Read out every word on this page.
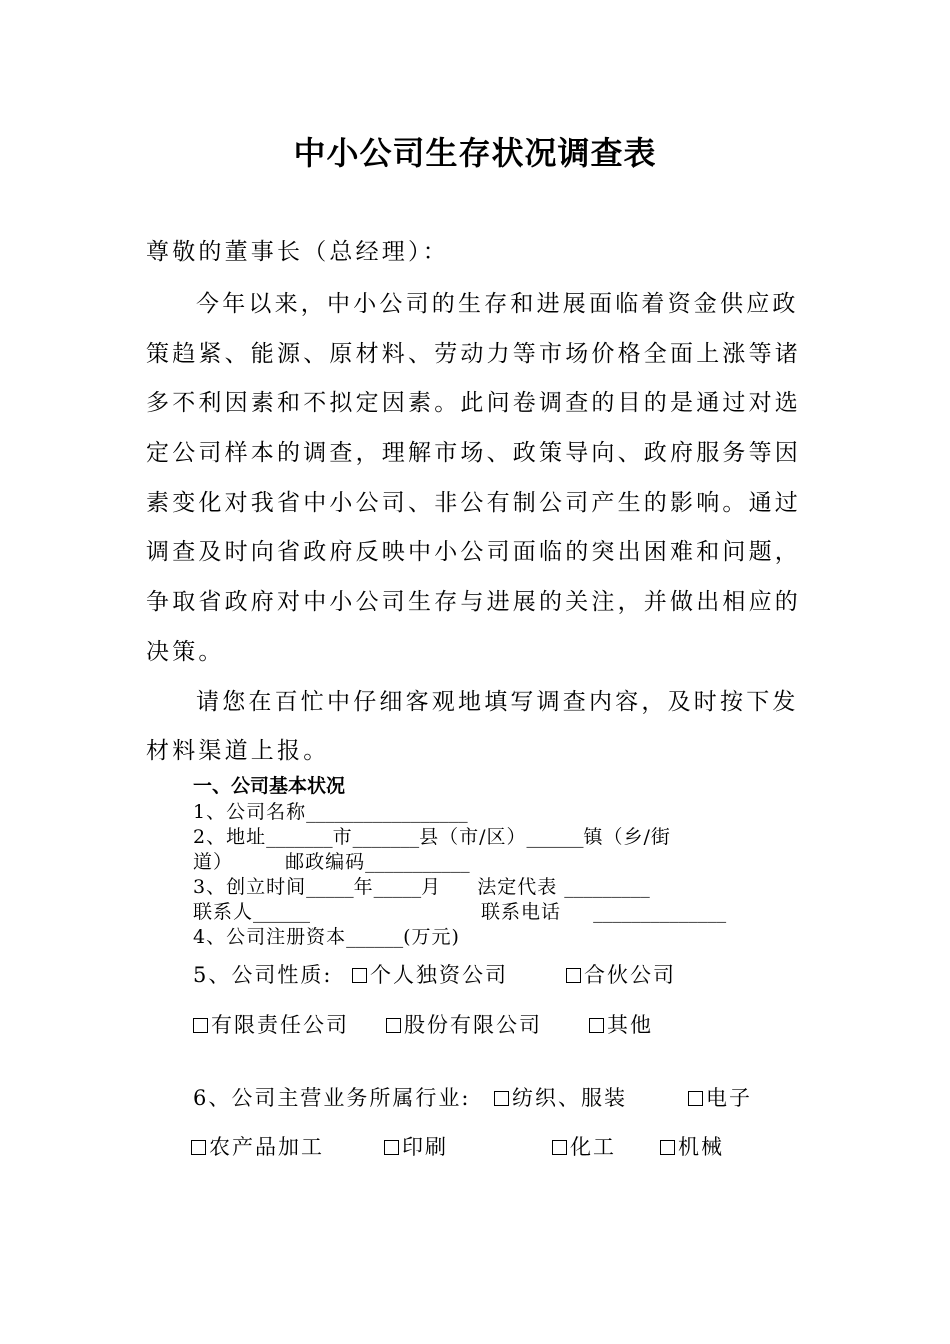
中小公司生存状况调查表
尊敬的董事长（总经理）：
今年以来，中小公司的生存和进展面临着资金供应政
策趋紧、能源、原材料、劳动力等市场价格全面上涨等诸
多不利因素和不拟定因素。此问卷调查的目的是通过对选
定公司样本的调查，理解市场、政策导向、政府服务等因
素变化对我省中小公司、非公有制公司产生的影响。通过
调查及时向省政府反映中小公司面临的突出困难和问题，
争取省政府对中小公司生存与进展的关注，并做出相应的
决策。
请您在百忙中仔细客观地填写调查内容，及时按下发
材料渠道上报。
一、公司基本状况
1、公司名称_________________
2、地址_______市_______县（市/区）______镇（乡/街
道）	邮政编码___________
3、创立时间_____年_____月 法定代表 _________
联系人______	联系电话 ______________
4、公司注册资本______(万元)
5、公司性质:	个人独资公司	合伙公司
有限责任公司	股份有限公司	其他
6、公司主营业务所属行业:	纺织、服装	电子
农产品加工	印刷	化工	机械
